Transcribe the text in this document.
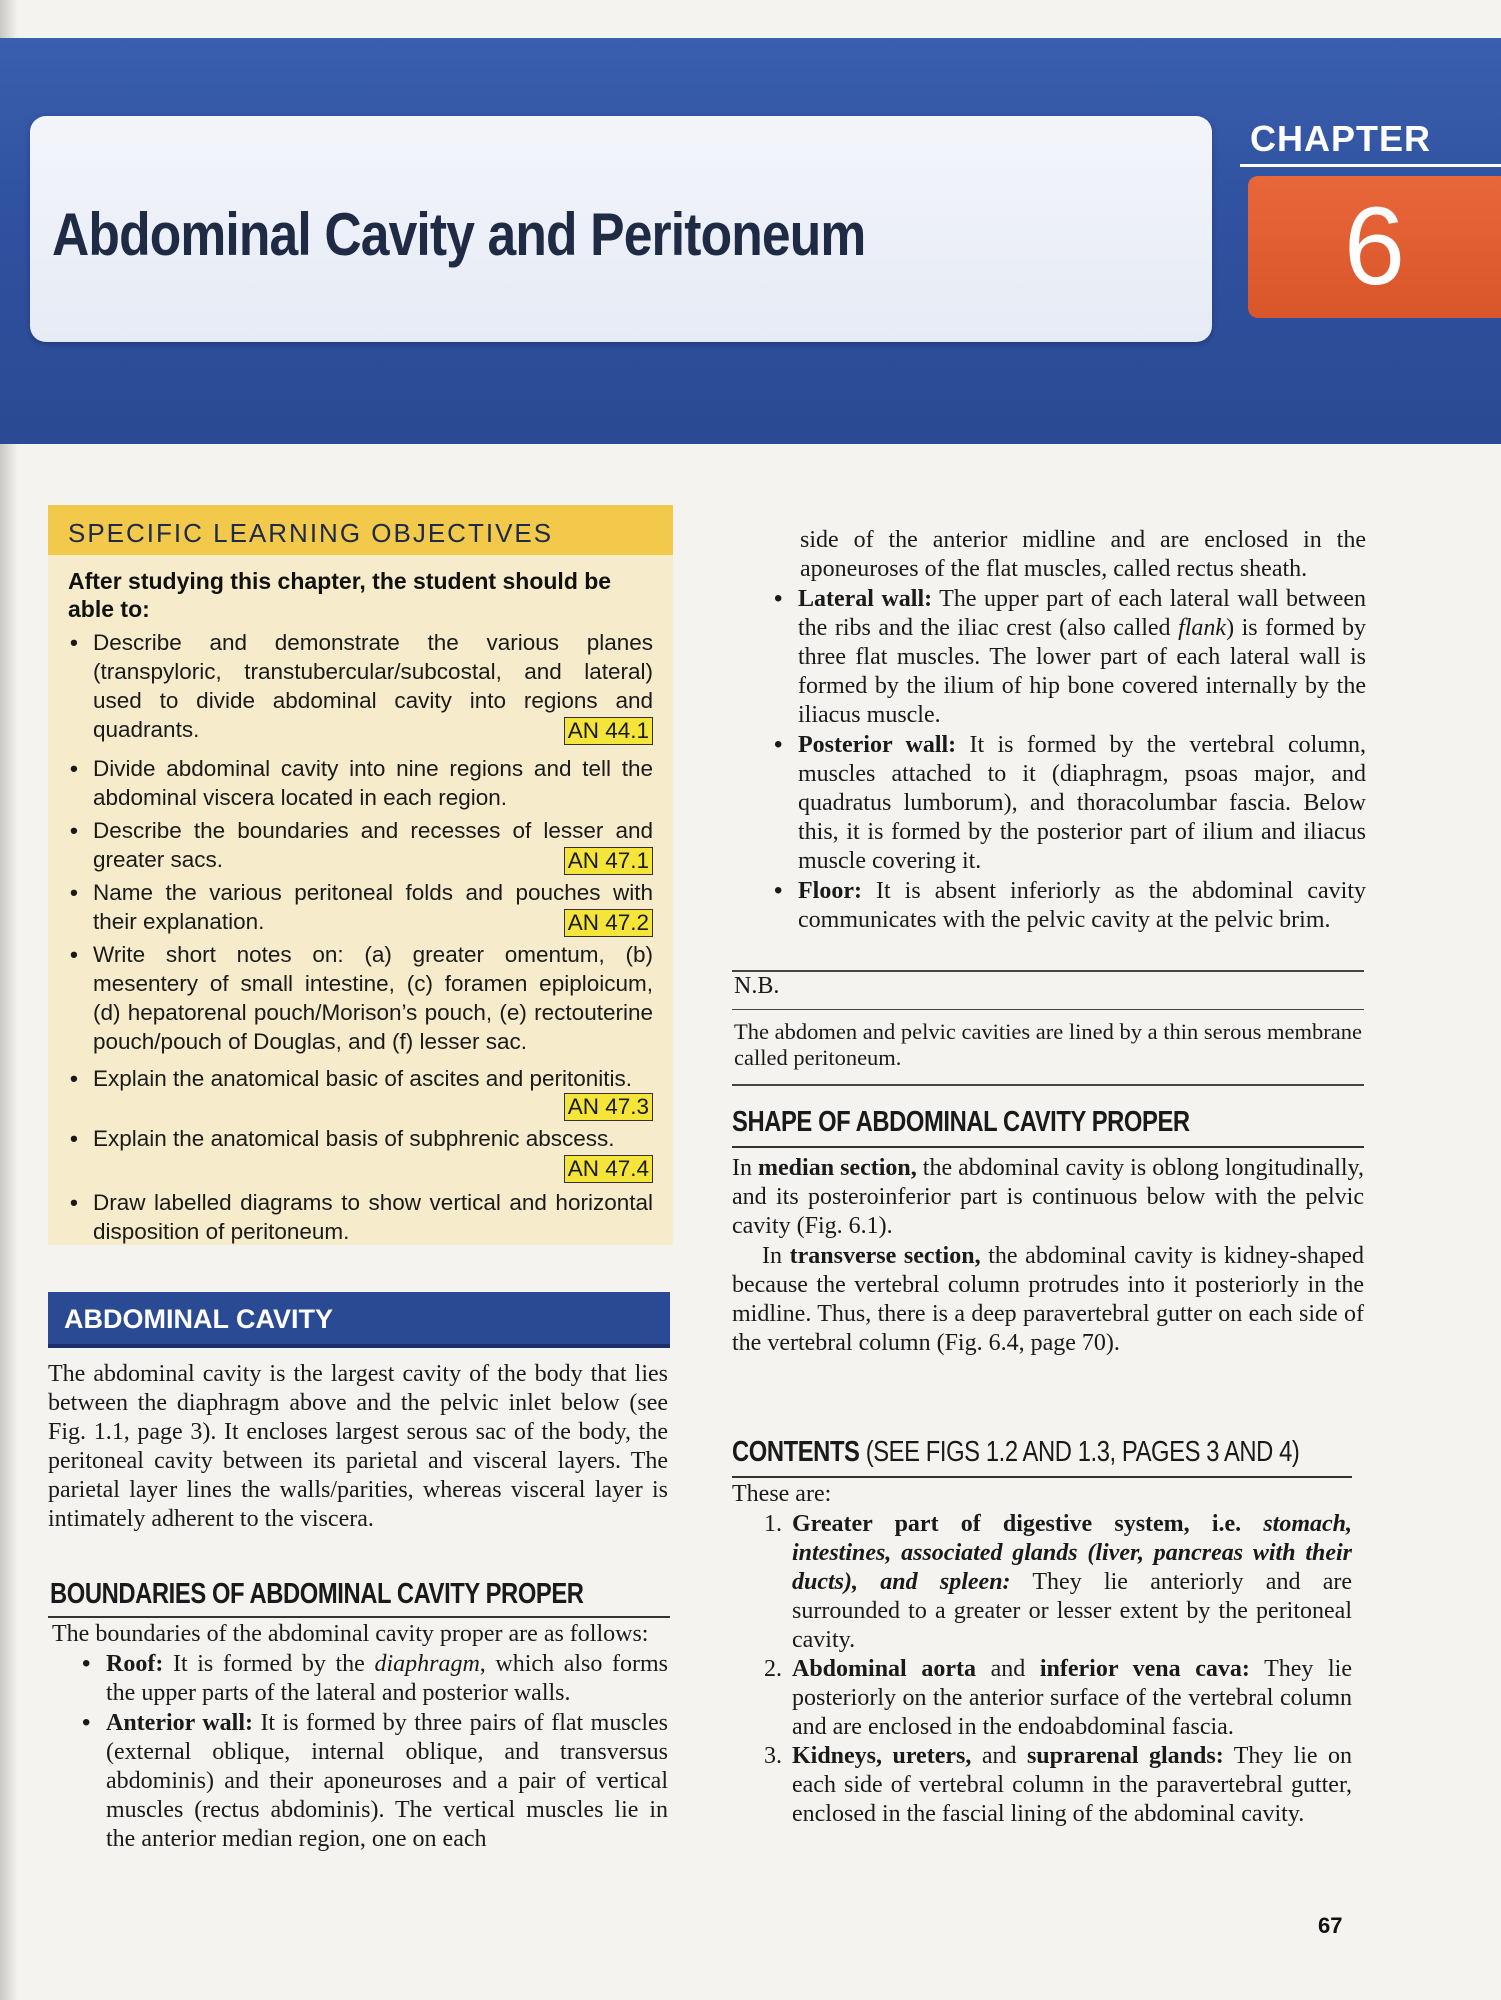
Abdominal Cavity and Peritoneum
CHAPTER
6
SPECIFIC LEARNING OBJECTIVES
After studying this chapter, the student should be able to:
• Describe and demonstrate the various planes (transpyloric, transtubercular/subcostal, and lateral) used to divide abdominal cavity into regions and quadrants.	AN 44.1
• Divide abdominal cavity into nine regions and tell the abdominal viscera located in each region.
• Describe the boundaries and recesses of lesser and greater sacs.	AN 47.1
• Name the various peritoneal folds and pouches with their explanation.	AN 47.2
• Write short notes on: (a) greater omentum, (b) mesentery of small intestine, (c) foramen epiploicum, (d) hepatorenal pouch/Morison’s pouch, (e) rectouterine pouch/pouch of Douglas, and (f) lesser sac.
• Explain the anatomical basic of ascites and peritonitis.
AN 47.3
• Explain the anatomical basis of subphrenic abscess.
AN 47.4
• Draw labelled diagrams to show vertical and horizontal disposition of peritoneum.
ABDOMINAL CAVITY
The abdominal cavity is the largest cavity of the body that lies between the diaphragm above and the pelvic inlet below (see Fig. 1.1, page 3). It encloses largest serous sac of the body, the peritoneal cavity between its parietal and visceral layers. The parietal layer lines the walls/parities, whereas visceral layer is intimately adherent to the viscera.
BOUNDARIES OF ABDOMINAL CAVITY PROPER
The boundaries of the abdominal cavity proper are as follows:
• Roof: It is formed by the diaphragm, which also forms the upper parts of the lateral and posterior walls.
• Anterior wall: It is formed by three pairs of flat muscles (external oblique, internal oblique, and transversus abdominis) and their aponeuroses and a pair of vertical muscles (rectus abdominis). The vertical muscles lie in the anterior median region, one on each
side of the anterior midline and are enclosed in the aponeuroses of the flat muscles, called rectus sheath.
• Lateral wall: The upper part of each lateral wall between the ribs and the iliac crest (also called flank) is formed by three flat muscles. The lower part of each lateral wall is formed by the ilium of hip bone covered internally by the iliacus muscle.
• Posterior wall: It is formed by the vertebral column, muscles attached to it (diaphragm, psoas major, and quadratus lumborum), and thoracolumbar fascia. Below this, it is formed by the posterior part of ilium and iliacus muscle covering it.
• Floor: It is absent inferiorly as the abdominal cavity communicates with the pelvic cavity at the pelvic brim.
N.B.
The abdomen and pelvic cavities are lined by a thin serous membrane called peritoneum.
SHAPE OF ABDOMINAL CAVITY PROPER
In median section, the abdominal cavity is oblong longitudinally, and its posteroinferior part is continuous below with the pelvic cavity (Fig. 6.1).
In transverse section, the abdominal cavity is kidney-shaped because the vertebral column protrudes into it posteriorly in the midline. Thus, there is a deep paravertebral gutter on each side of the vertebral column (Fig. 6.4, page 70).
CONTENTS (SEE FIGS 1.2 AND 1.3, PAGES 3 AND 4)
These are:
1. Greater part of digestive system, i.e. stomach, intestines, associated glands (liver, pancreas with their ducts), and spleen: They lie anteriorly and are surrounded to a greater or lesser extent by the peritoneal cavity.
2. Abdominal aorta and inferior vena cava: They lie posteriorly on the anterior surface of the vertebral column and are enclosed in the endoabdominal fascia.
3. Kidneys, ureters, and suprarenal glands: They lie on each side of vertebral column in the paravertebral gutter, enclosed in the fascial lining of the abdominal cavity.
67
